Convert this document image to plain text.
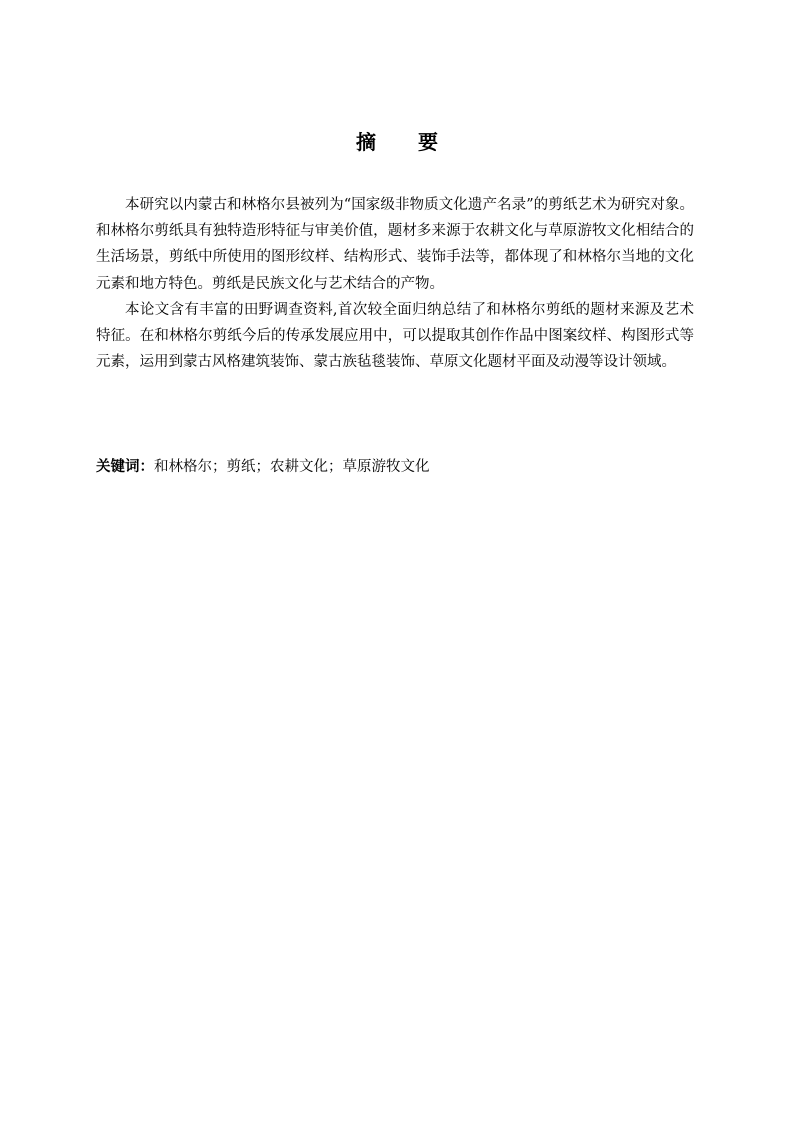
摘 要

本研究以内蒙古和林格尔县被列为“国家级非物质文化遗产名录”的剪纸艺术为研究对象。和林格尔剪纸具有独特造形特征与审美价值，题材多来源于农耕文化与草原游牧文化相结合的生活场景，剪纸中所使用的图形纹样、结构形式、装饰手法等，都体现了和林格尔当地的文化元素和地方特色。剪纸是民族文化与艺术结合的产物。

本论文含有丰富的田野调查资料,首次较全面归纳总结了和林格尔剪纸的题材来源及艺术特征。在和林格尔剪纸今后的传承发展应用中，可以提取其创作作品中图案纹样、构图形式等元素，运用到蒙古风格建筑装饰、蒙古族毡毯装饰、草原文化题材平面及动漫等设计领域。

关键词：和林格尔；剪纸；农耕文化；草原游牧文化
